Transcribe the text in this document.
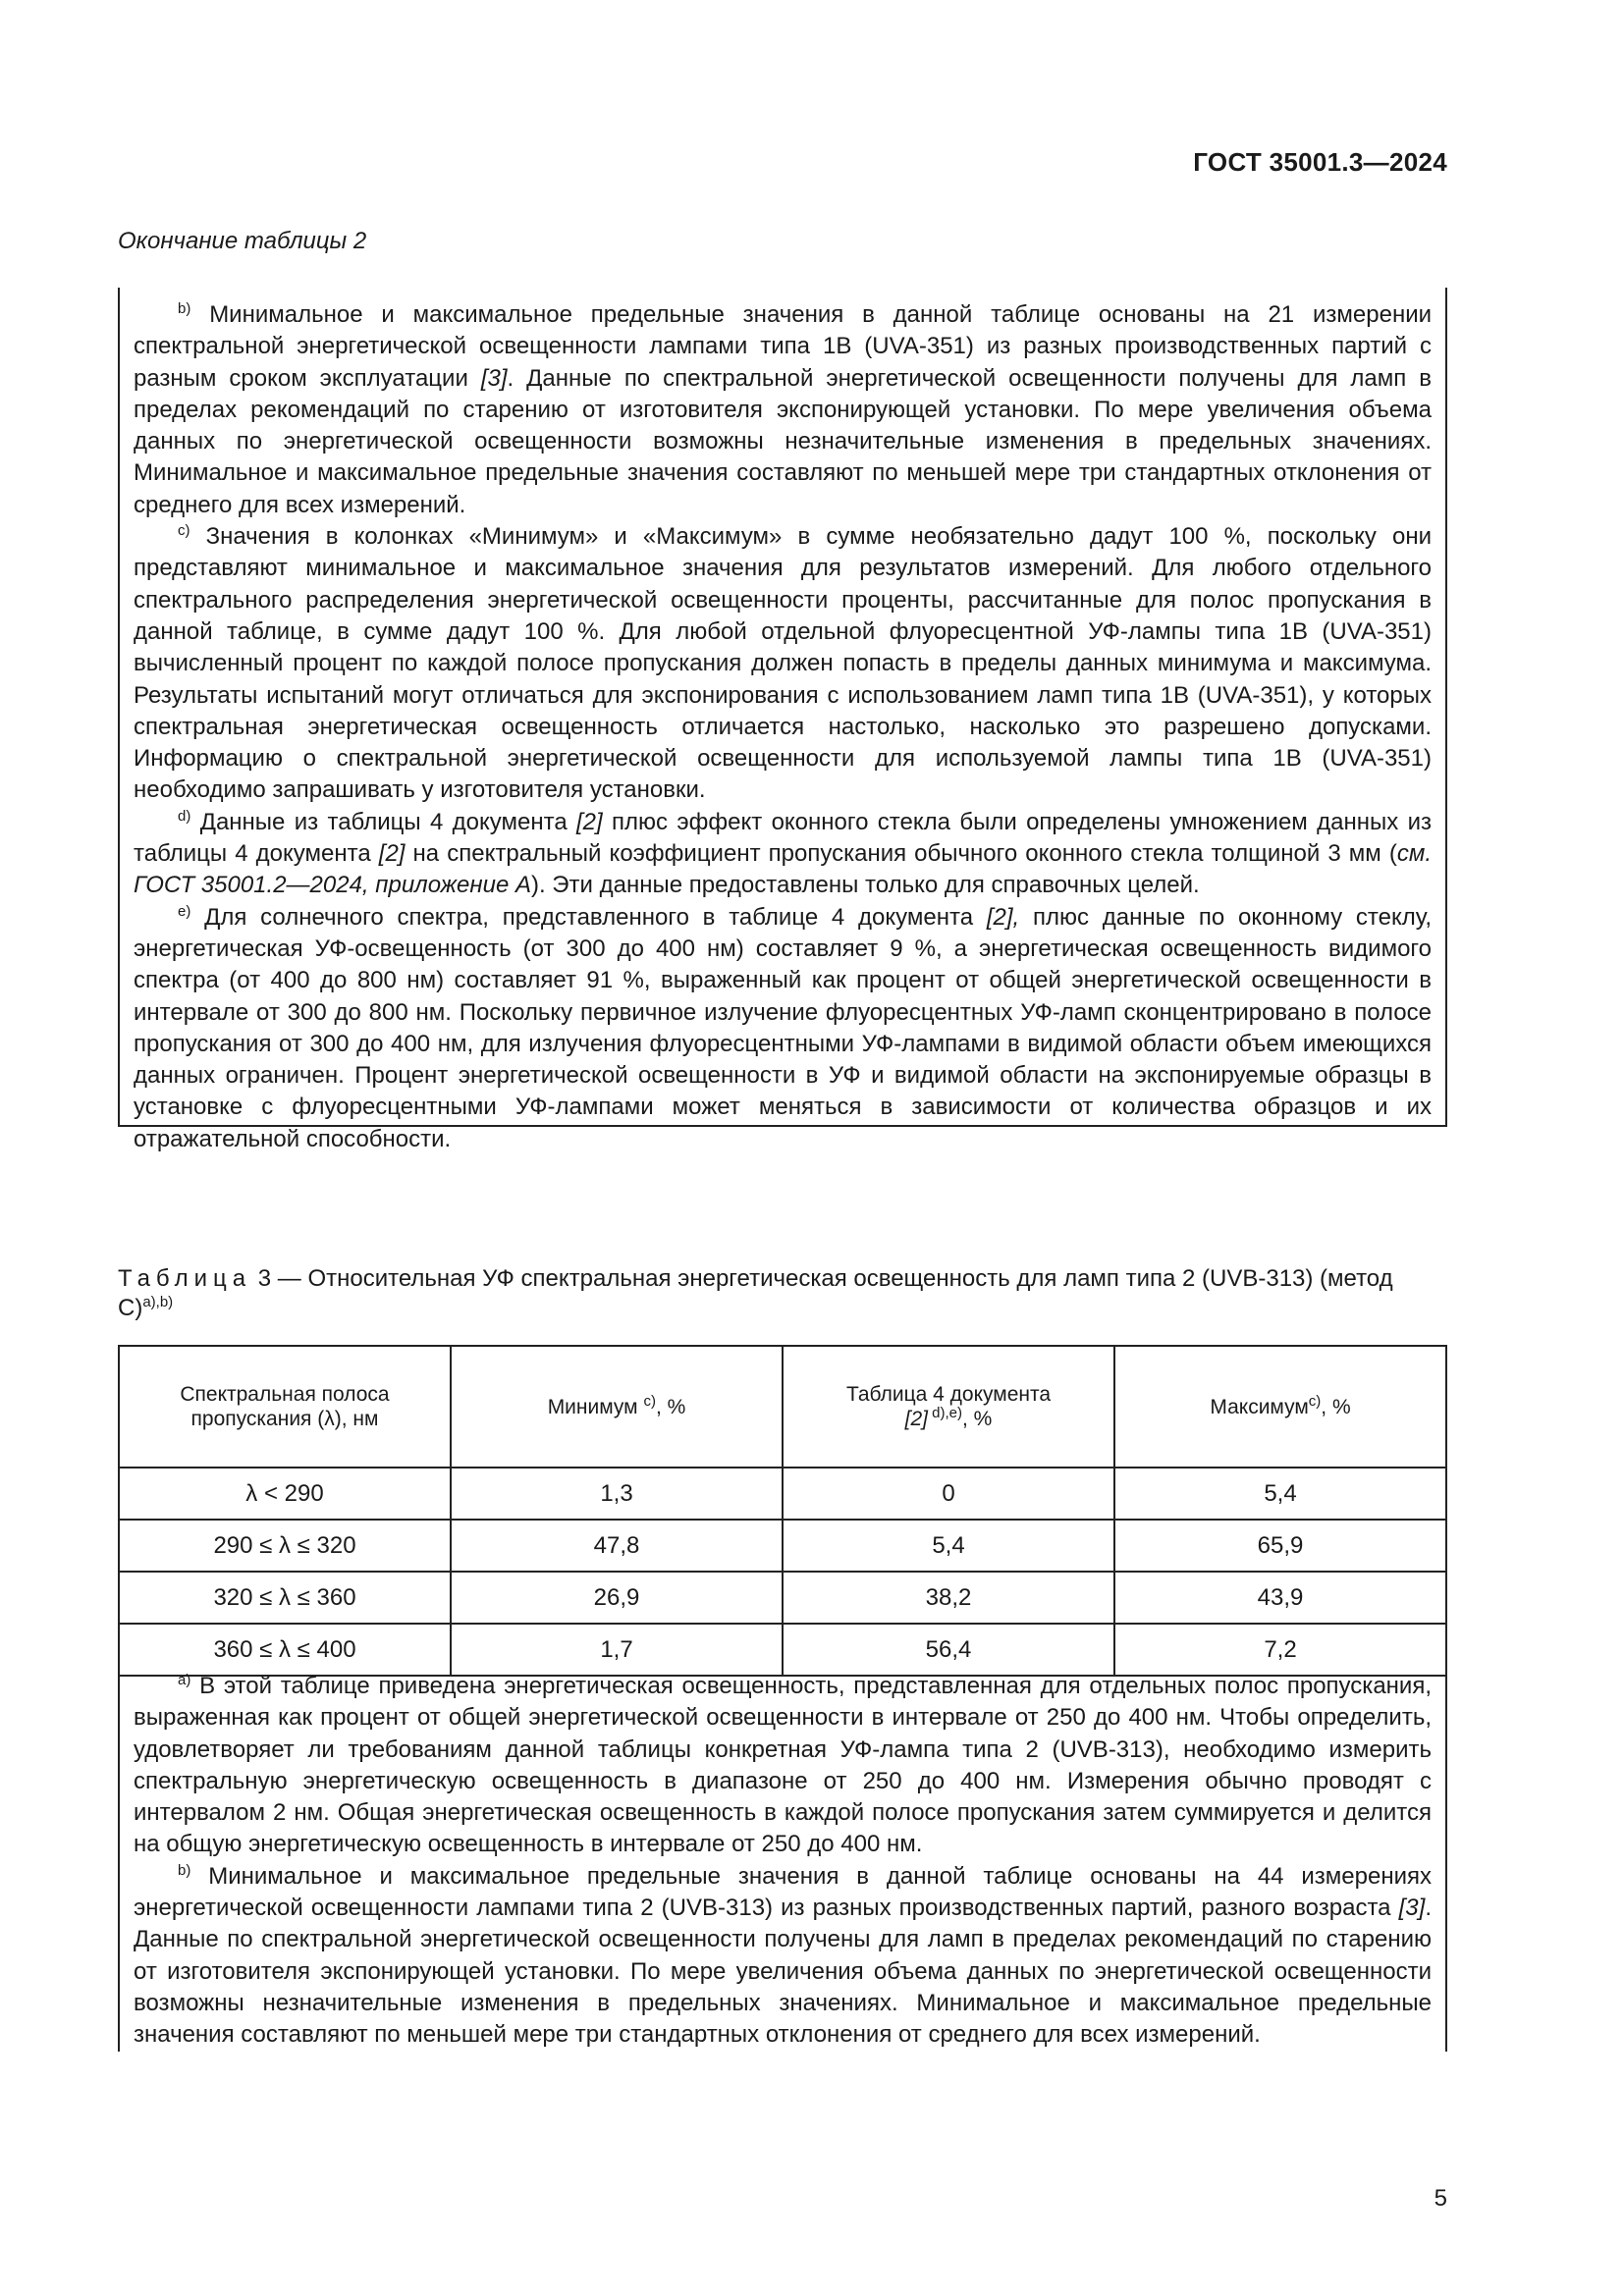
ГОСТ 35001.3—2024
Окончание таблицы 2

$^{b)}$ Минимальное и максимальное предельные значения в данной таблице основаны на 21 измерении спектральной энергетической освещенности лампами типа 1В (UVA-351) из разных производственных партий с разным сроком эксплуатации [3]. Данные по спектральной энергетической освещенности получены для ламп в пределах рекомендаций по старению от изготовителя экспонирующей установки. По мере увеличения объема данных по энергетической освещенности возможны незначительные изменения в предельных значениях. Минимальное и максимальное предельные значения составляют по меньшей мере три стандартных отклонения от среднего для всех измерений.

$^{c)}$ Значения в колонках «Минимум» и «Максимум» в сумме необязательно дадут 100 %, поскольку они представляют минимальное и максимальное значения для результатов измерений. Для любого отдельного спектрального распределения энергетической освещенности проценты, рассчитанные для полос пропускания в данной таблице, в сумме дадут 100 %. Для любой отдельной флуоресцентной УФ-лампы типа 1В (UVA-351) вычисленный процент по каждой полосе пропускания должен попасть в пределы данных минимума и максимума. Результаты испытаний могут отличаться для экспонирования с использованием ламп типа 1В (UVA-351), у которых спектральная энергетическая освещенность отличается настолько, насколько это разрешено допусками. Информацию о спектральной энергетической освещенности для используемой лампы типа 1В (UVA-351) необходимо запрашивать у изготовителя установки.

$^{d)}$ Данные из таблицы 4 документа [2] плюс эффект оконного стекла были определены умножением данных из таблицы 4 документа [2] на спектральный коэффициент пропускания обычного оконного стекла толщиной 3 мм (см. ГОСТ 35001.2—2024, приложение А). Эти данные предоставлены только для справочных целей.

$^{e)}$ Для солнечного спектра, представленного в таблице 4 документа [2], плюс данные по оконному стеклу, энергетическая УФ-освещенность (от 300 до 400 нм) составляет 9 %, а энергетическая освещенность видимого спектра (от 400 до 800 нм) составляет 91 %, выраженный как процент от общей энергетической освещенности в интервале от 300 до 800 нм. Поскольку первичное излучение флуоресцентных УФ-ламп сконцентрировано в полосе пропускания от 300 до 400 нм, для излучения флуоресцентными УФ-лампами в видимой области объем имеющихся данных ограничен. Процент энергетической освещенности в УФ и видимой области на экспонируемые образцы в установке с флуоресцентными УФ-лампами может меняться в зависимости от количества образцов и их отражательной способности.

Таблица 3 — Относительная УФ спектральная энергетическая освещенность для ламп типа 2 (UVB-313) (метод С)$^{a),b)}$
Спектральная полоса пропускания (λ), нм	Минимум $^{c)}$, %	Таблица 4 документа
[2] $^{d),e)}$, %	Максимум$^{c)}$, %
λ < 290	1,3	0	5,4
290 ≤ λ ≤ 320	47,8	5,4	65,9
320 ≤ λ ≤ 360	26,9	38,2	43,9
360 ≤ λ ≤ 400	1,7	56,4	7,2

$^{a)}$ В этой таблице приведена энергетическая освещенность, представленная для отдельных полос пропускания, выраженная как процент от общей энергетической освещенности в интервале от 250 до 400 нм. Чтобы определить, удовлетворяет ли требованиям данной таблицы конкретная УФ-лампа типа 2 (UVB-313), необходимо измерить спектральную энергетическую освещенность в диапазоне от 250 до 400 нм. Измерения обычно проводят с интервалом 2 нм. Общая энергетическая освещенность в каждой полосе пропускания затем суммируется и делится на общую энергетическую освещенность в интервале от 250 до 400 нм.

$^{b)}$ Минимальное и максимальное предельные значения в данной таблице основаны на 44 измерениях энергетической освещенности лампами типа 2 (UVB-313) из разных производственных партий, разного возраста [3]. Данные по спектральной энергетической освещенности получены для ламп в пределах рекомендаций по старению от изготовителя экспонирующей установки. По мере увеличения объема данных по энергетической освещенности возможны незначительные изменения в предельных значениях. Минимальное и максимальное предельные значения составляют по меньшей мере три стандартных отклонения от среднего для всех измерений.

5
